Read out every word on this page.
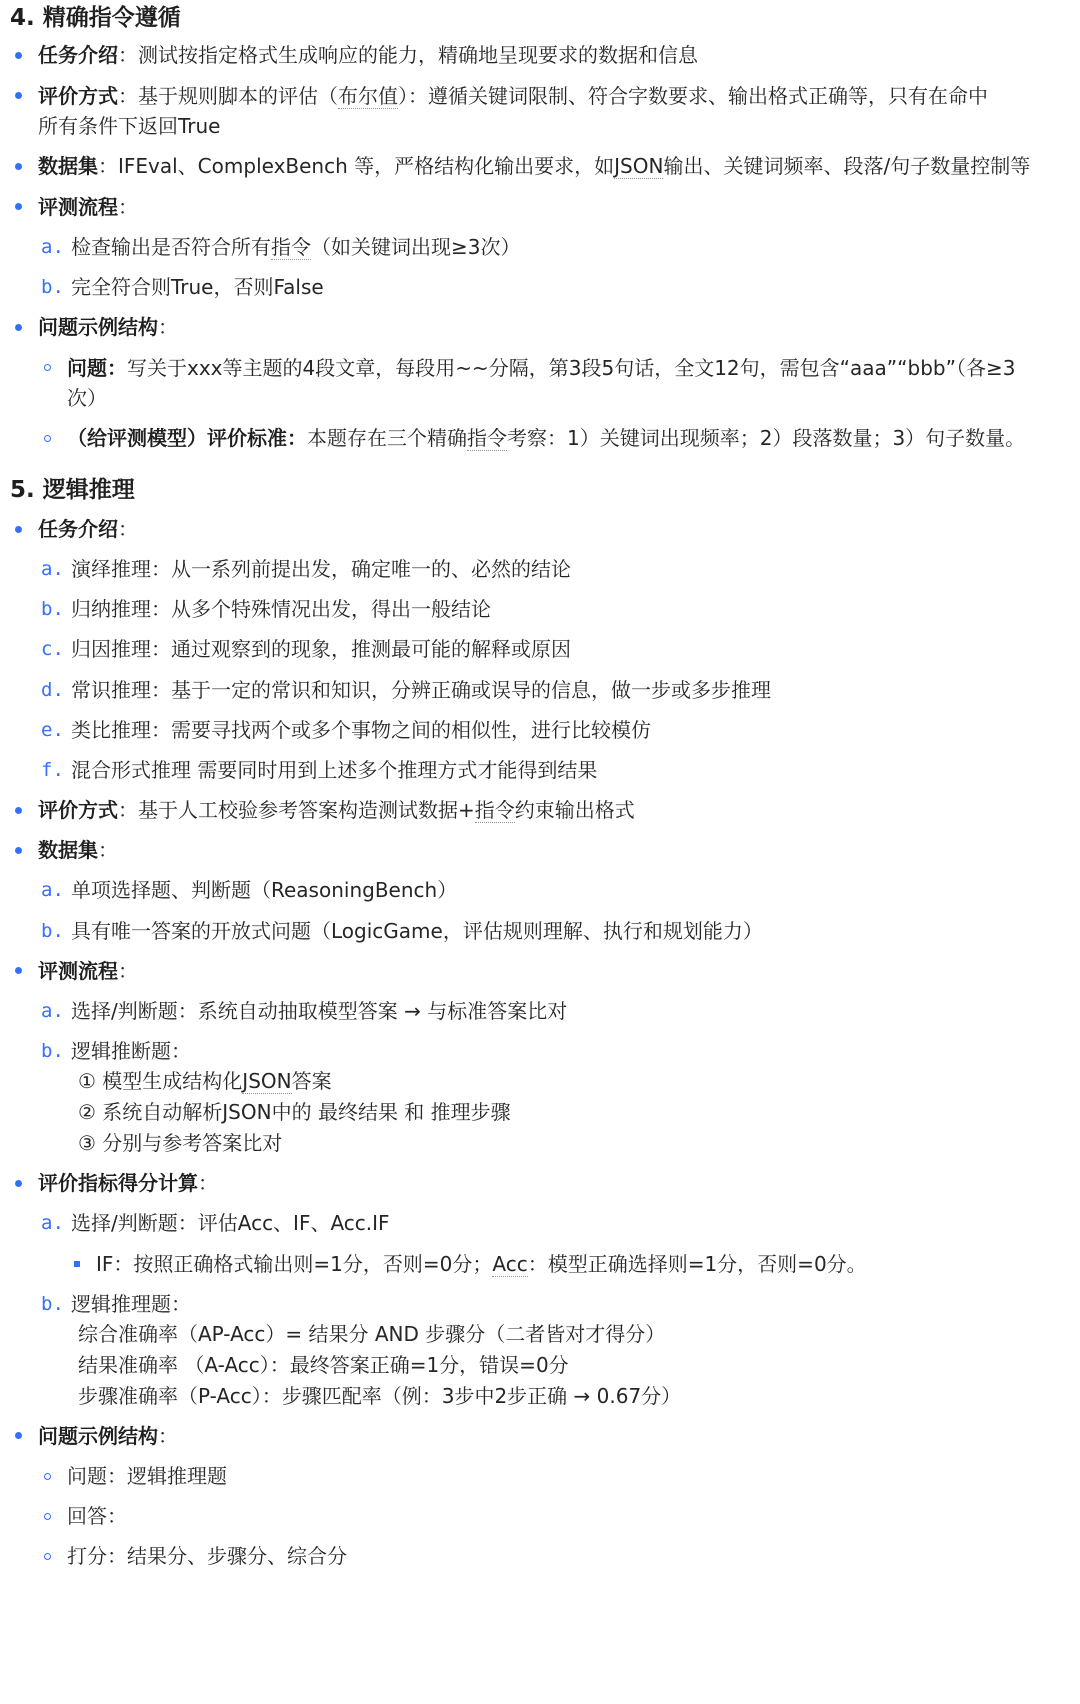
4. 精确指令遵循
任务介绍：测试按指定格式生成响应的能力，精确地呈现要求的数据和信息
评价方式：基于规则脚本的评估（布尔值）：遵循关键词限制、符合字数要求、输出格式正确等，只有在命中
所有条件下返回True
数据集：IFEval、ComplexBench 等，严格结构化输出要求，如JSON输出、关键词频率、段落/句子数量控制等
评测流程：
a. 检查输出是否符合所有指令（如关键词出现≥3次）
b. 完全符合则True，否则False
问题示例结构：
问题：写关于xxx等主题的4段文章，每段用~~分隔，第3段5句话，全文12句，需包含“aaa”“bbb”（各≥3
次）
（给评测模型）评价标准：本题存在三个精确指令考察：1）关键词出现频率；2）段落数量；3）句子数量。
5. 逻辑推理
任务介绍：
a. 演绎推理：从一系列前提出发，确定唯一的、必然的结论
b. 归纳推理：从多个特殊情况出发，得出一般结论
c. 归因推理：通过观察到的现象，推测最可能的解释或原因
d. 常识推理：基于一定的常识和知识，分辨正确或误导的信息，做一步或多步推理
e. 类比推理：需要寻找两个或多个事物之间的相似性，进行比较模仿
f. 混合形式推理 需要同时用到上述多个推理方式才能得到结果
评价方式：基于人工校验参考答案构造测试数据+指令约束输出格式
数据集：
a. 单项选择题、判断题（ReasoningBench）
b. 具有唯一答案的开放式问题（LogicGame，评估规则理解、执行和规划能力）
评测流程：
a. 选择/判断题：系统自动抽取模型答案 → 与标准答案比对
b. 逻辑推断题：
① 模型生成结构化JSON答案
② 系统自动解析JSON中的 最终结果 和 推理步骤
③ 分别与参考答案比对
评价指标得分计算：
a. 选择/判断题：评估Acc、IF、Acc.IF
IF：按照正确格式输出则=1分，否则=0分；Acc：模型正确选择则=1分，否则=0分。
b. 逻辑推理题：
综合准确率（AP-Acc）= 结果分 AND 步骤分（二者皆对才得分）
结果准确率 （A-Acc）：最终答案正确=1分，错误=0分
步骤准确率（P-Acc）：步骤匹配率（例：3步中2步正确 → 0.67分）
问题示例结构：
问题：逻辑推理题
回答：
打分：结果分、步骤分、综合分
